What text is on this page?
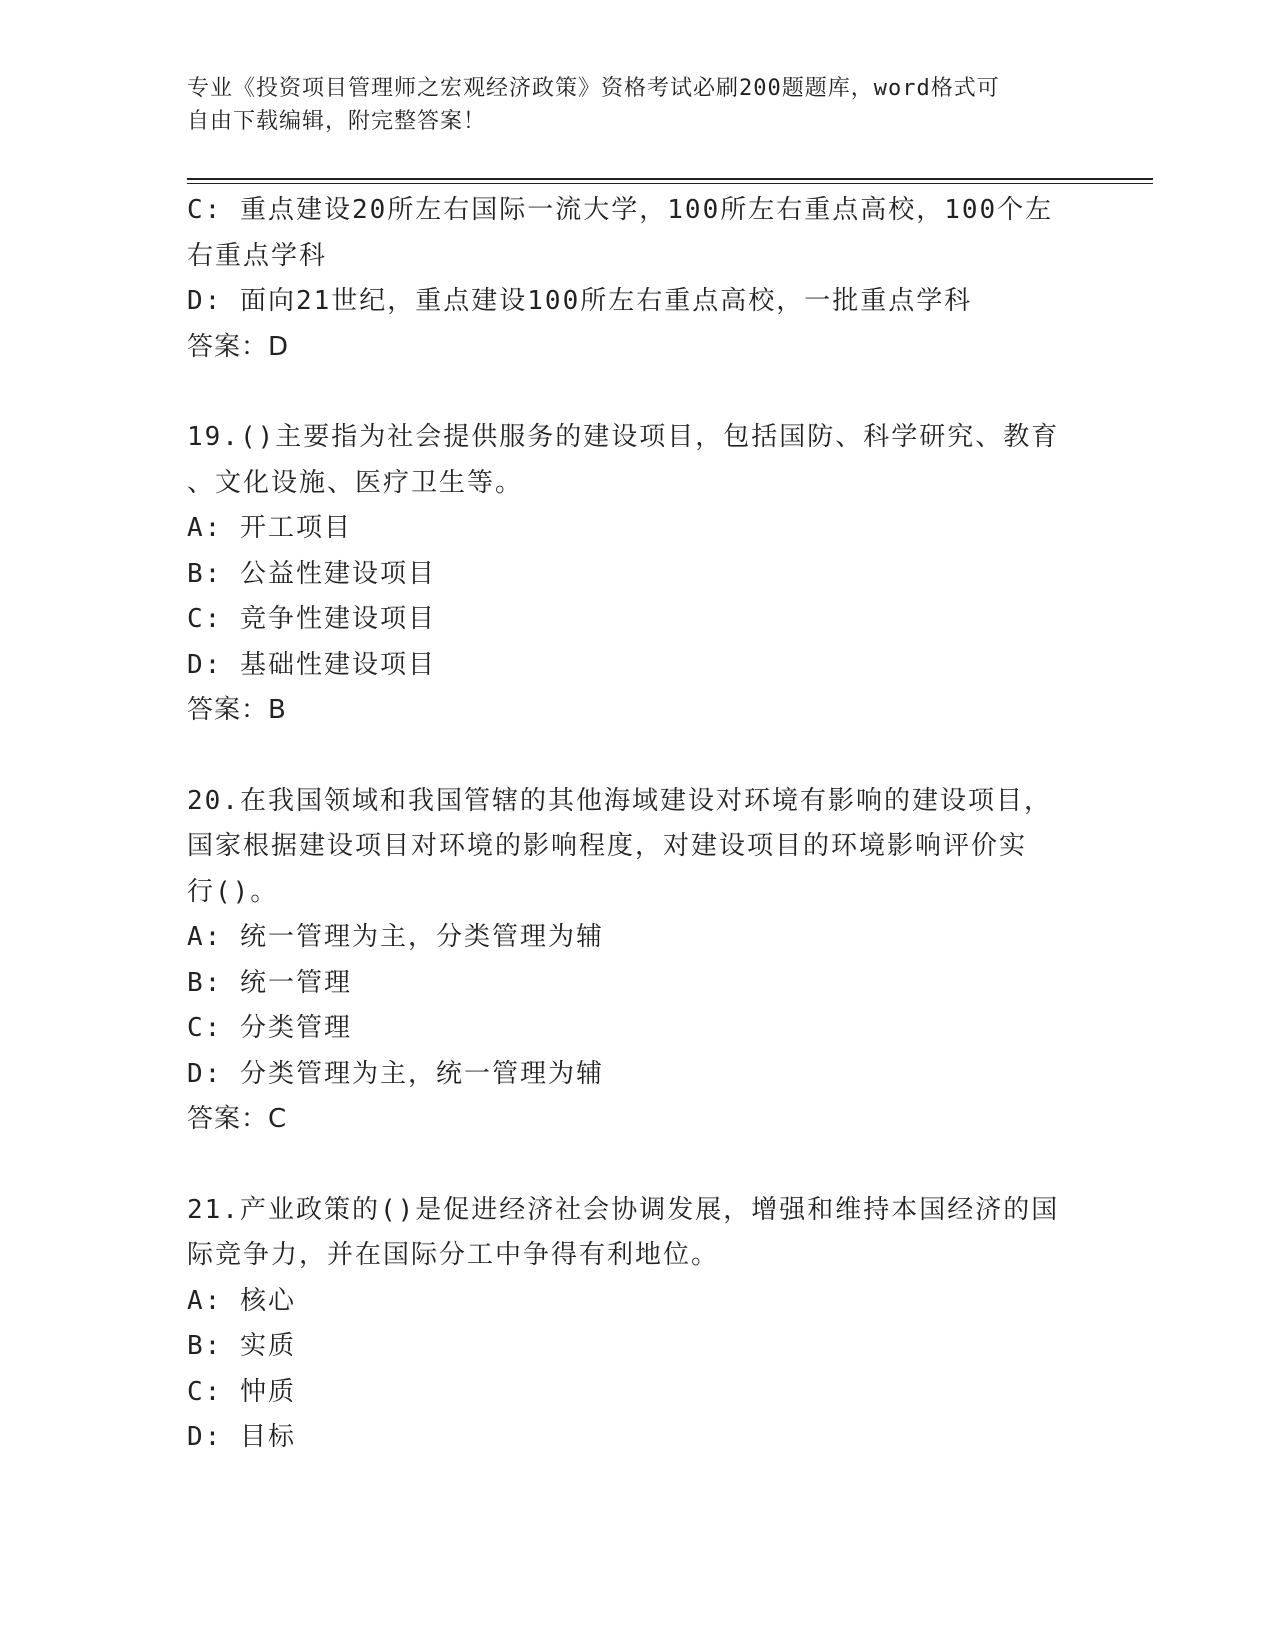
专业《投资项目管理师之宏观经济政策》资格考试必刷200题题库，word格式可
自由下载编辑，附完整答案！
C: 重点建设20所左右国际一流大学，100所左右重点高校，100个左
右重点学科
D: 面向21世纪，重点建设100所左右重点高校，一批重点学科
答案：D
19.()主要指为社会提供服务的建设项目，包括国防、科学研究、教育
、文化设施、医疗卫生等。
A: 开工项目
B: 公益性建设项目
C: 竞争性建设项目
D: 基础性建设项目
答案：B
20.在我国领域和我国管辖的其他海域建设对环境有影响的建设项目，
国家根据建设项目对环境的影响程度，对建设项目的环境影响评价实
行()。
A: 统一管理为主，分类管理为辅
B: 统一管理
C: 分类管理
D: 分类管理为主，统一管理为辅
答案：C
21.产业政策的()是促进经济社会协调发展，增强和维持本国经济的国
际竞争力，并在国际分工中争得有利地位。
A: 核心
B: 实质
C: 忡质
D: 目标
